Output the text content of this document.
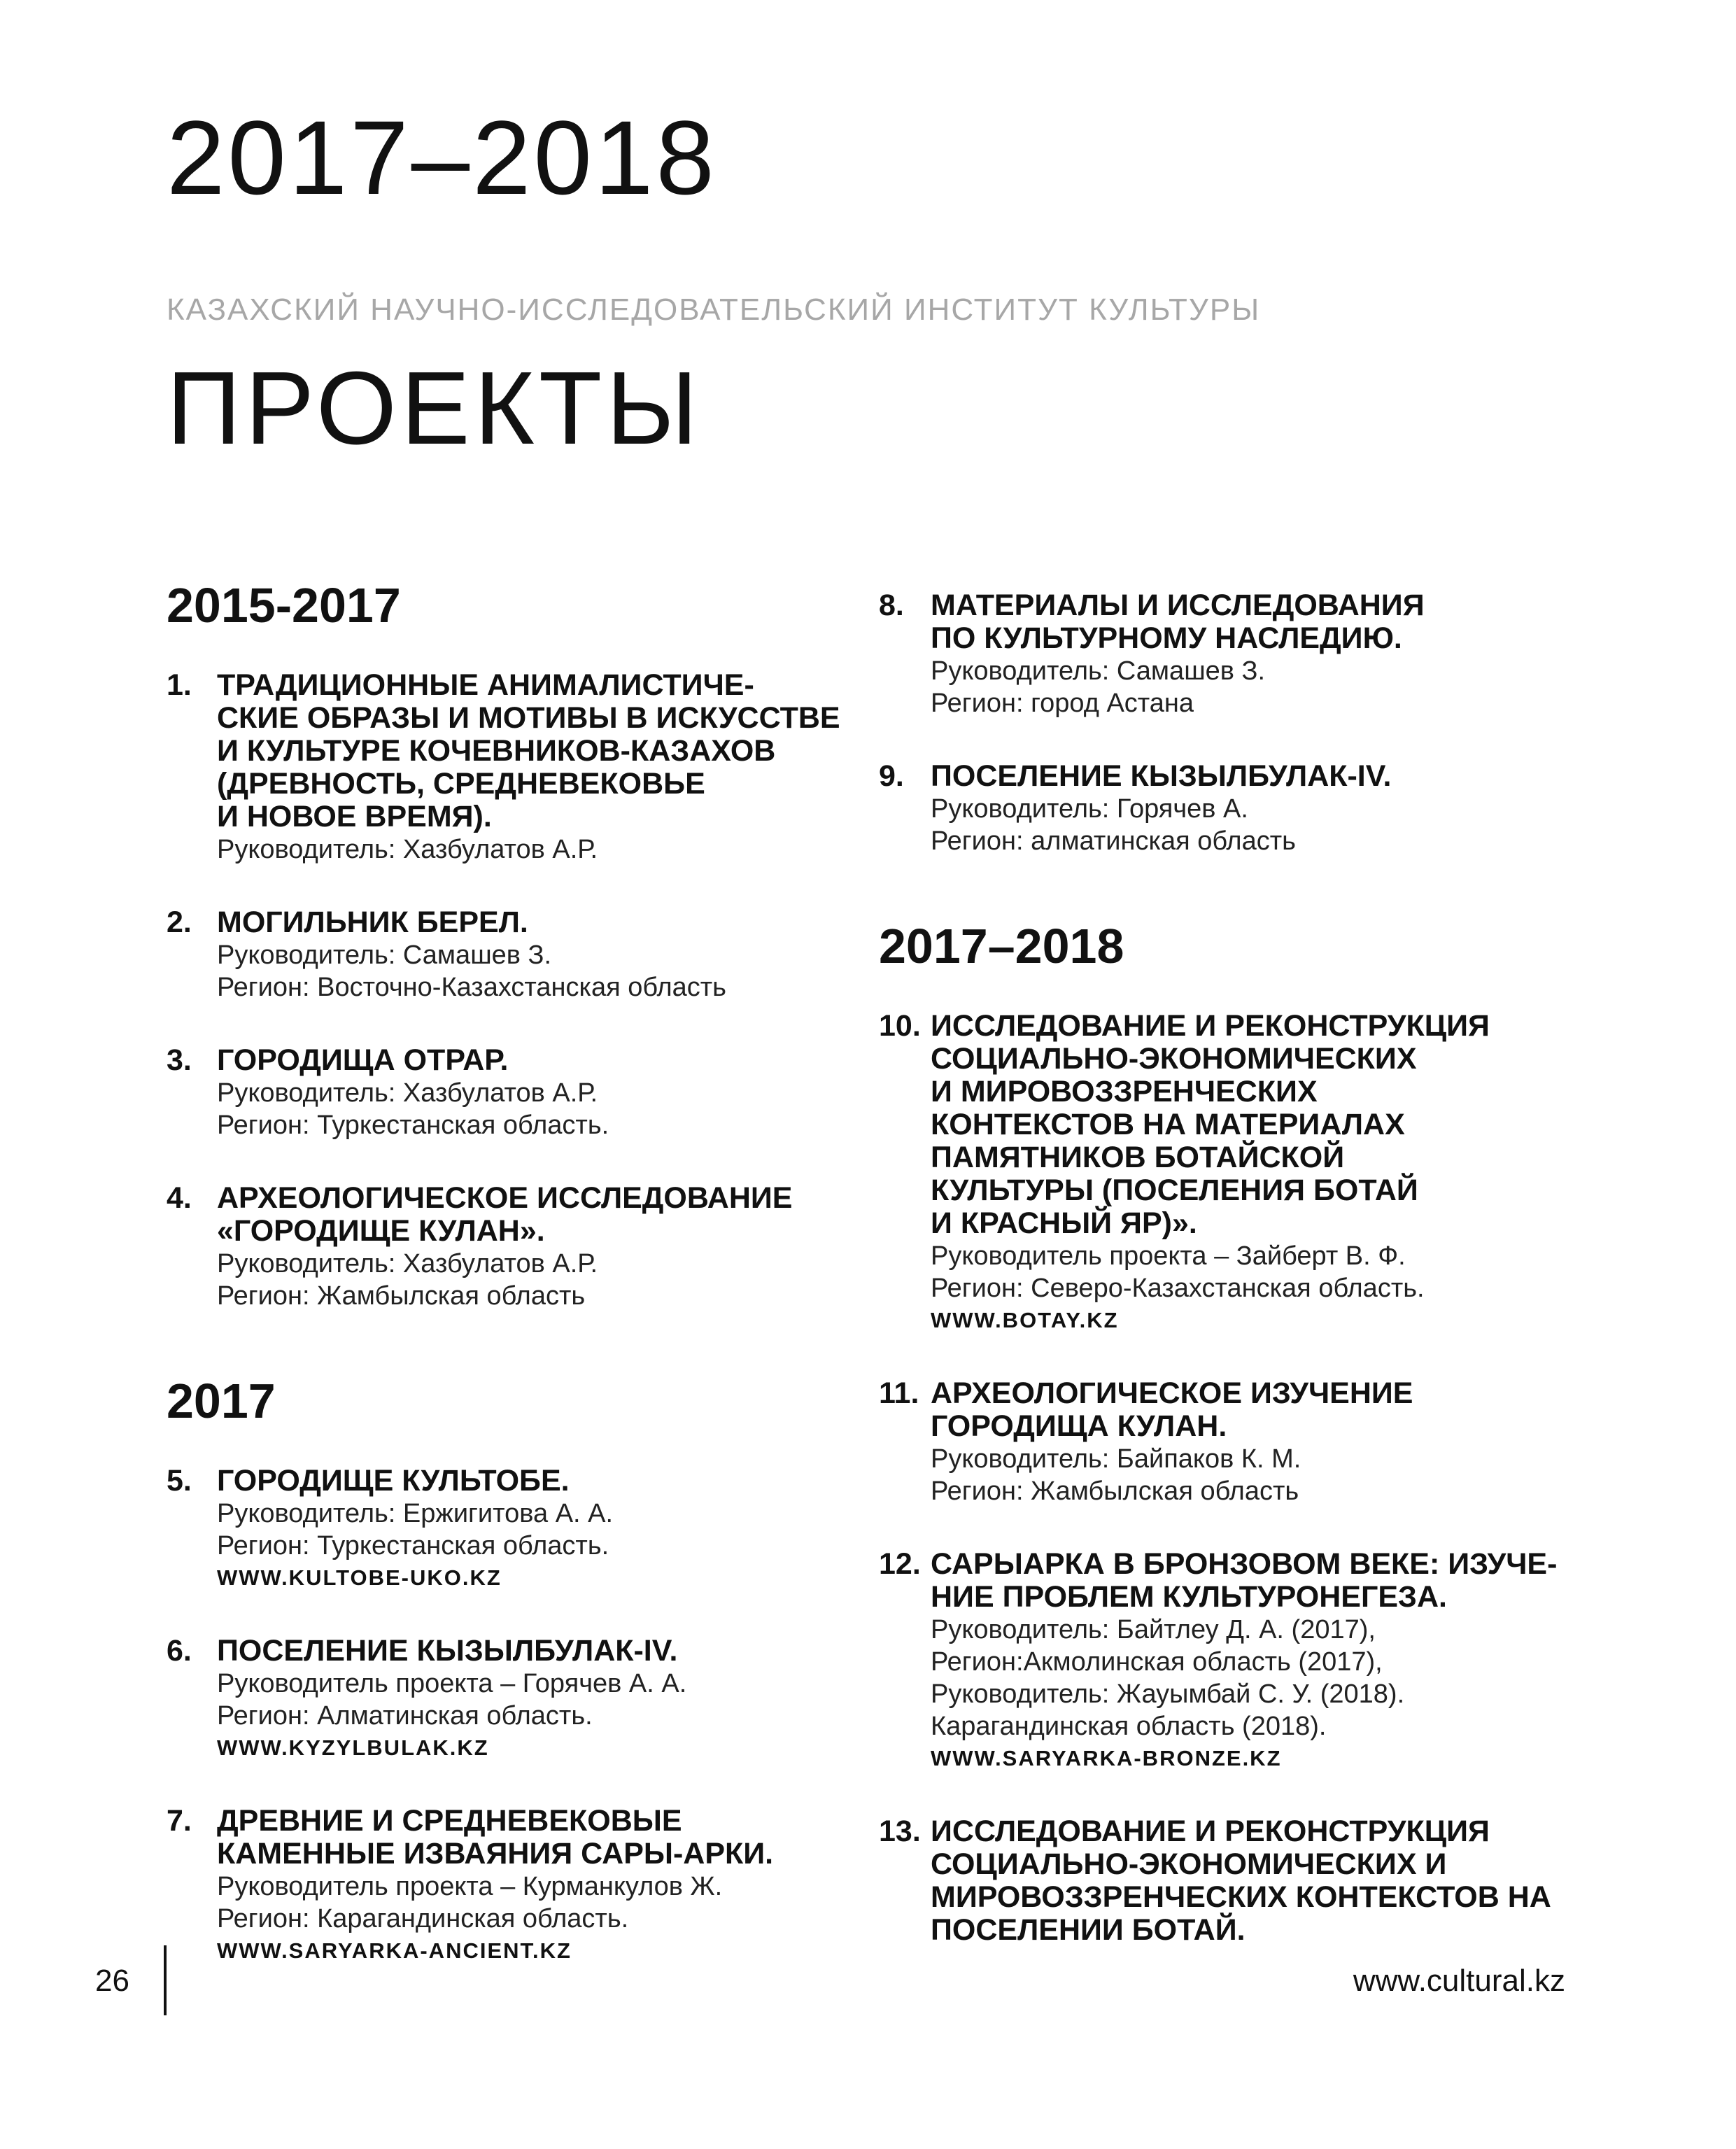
2017–2018
КАЗАХСКИЙ НАУЧНО-ИССЛЕДОВАТЕЛЬСКИЙ ИНСТИТУТ КУЛЬТУРЫ
ПРОЕКТЫ
2015-2017
1. ТРАДИЦИОННЫЕ АНИМАЛИСТИЧЕ-
СКИЕ ОБРАЗЫ И МОТИВЫ В ИСКУССТВЕ
И КУЛЬТУРЕ КОЧЕВНИКОВ-КАЗАХОВ
(ДРЕВНОСТЬ, СРЕДНЕВЕКОВЬЕ
И НОВОЕ ВРЕМЯ).
Руководитель: Хазбулатов А.Р.
2. МОГИЛЬНИК БЕРЕЛ.
Руководитель: Самашев З.
Регион: Восточно-Казахстанская область
3. ГОРОДИЩА ОТРАР.
Руководитель: Хазбулатов А.Р.
Регион: Туркестанская область.
4. АРХЕОЛОГИЧЕСКОЕ ИССЛЕДОВАНИЕ
«ГОРОДИЩЕ КУЛАН».
Руководитель: Хазбулатов А.Р.
Регион: Жамбылская область
2017
5. ГОРОДИЩЕ КУЛЬТОБЕ.
Руководитель: Ержигитова А. А.
Регион: Туркестанская область.
WWW.KULTOBE-UKO.KZ
6. ПОСЕЛЕНИЕ КЫЗЫЛБУЛАК-IV.
Руководитель проекта – Горячев А. А.
Регион: Алматинская область.
WWW.KYZYLBULAK.KZ
7. ДРЕВНИЕ И СРЕДНЕВЕКОВЫЕ
КАМЕННЫЕ ИЗВАЯНИЯ САРЫ-АРКИ.
Руководитель проекта – Курманкулов Ж.
Регион: Карагандинская область.
WWW.SARYARKA-ANCIENT.KZ
8. МАТЕРИАЛЫ И ИССЛЕДОВАНИЯ
ПО КУЛЬТУРНОМУ НАСЛЕДИЮ.
Руководитель: Самашев З.
Регион: город Астана
9. ПОСЕЛЕНИЕ КЫЗЫЛБУЛАК-IV.
Руководитель: Горячев А.
Регион: алматинская область
2017–2018
10. ИССЛЕДОВАНИЕ И РЕКОНСТРУКЦИЯ
СОЦИАЛЬНО-ЭКОНОМИЧЕСКИХ
И МИРОВОЗЗРЕНЧЕСКИХ
КОНТЕКСТОВ НА МАТЕРИАЛАХ
ПАМЯТНИКОВ БОТАЙСКОЙ
КУЛЬТУРЫ (ПОСЕЛЕНИЯ БОТАЙ
И КРАСНЫЙ ЯР)».
Руководитель проекта – Зайберт В. Ф.
Регион: Северо-Казахстанская область.
WWW.BOTAY.KZ
11. АРХЕОЛОГИЧЕСКОЕ ИЗУЧЕНИЕ
ГОРОДИЩА КУЛАН.
Руководитель: Байпаков К. М.
Регион: Жамбылская область
12. САРЫАРКА В БРОНЗОВОМ ВЕКЕ: ИЗУЧЕ-
НИЕ ПРОБЛЕМ КУЛЬТУРОНЕГЕЗА.
Руководитель: Байтлеу Д. А. (2017),
Регион:Акмолинская область (2017),
Руководитель: Жауымбай С. У. (2018).
Карагандинская область (2018).
WWW.SARYARKA-BRONZE.KZ
13. ИССЛЕДОВАНИЕ И РЕКОНСТРУКЦИЯ
СОЦИАЛЬНО-ЭКОНОМИЧЕСКИХ И
МИРОВОЗЗРЕНЧЕСКИХ КОНТЕКСТОВ НА
ПОСЕЛЕНИИ БОТАЙ.
26	www.cultural.kz
